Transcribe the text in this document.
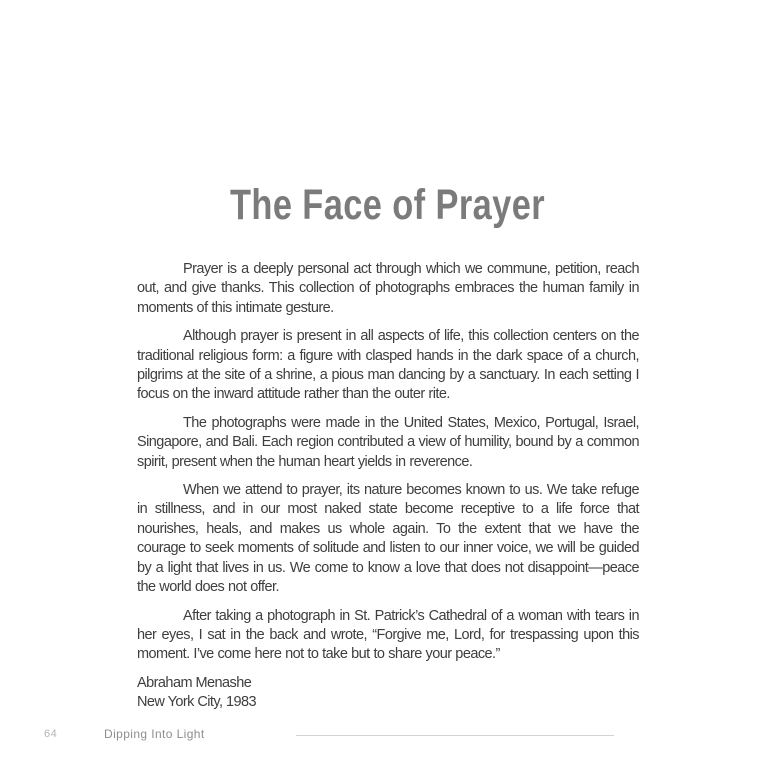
The Face of Prayer

Prayer is a deeply personal act through which we commune, petition, reach out, and give thanks. This collection of photographs embraces the human family in moments of this intimate gesture.

Although prayer is present in all aspects of life, this collection centers on the traditional religious form: a figure with clasped hands in the dark space of a church, pilgrims at the site of a shrine, a pious man dancing by a sanctuary. In each setting I focus on the inward attitude rather than the outer rite.

The photographs were made in the United States, Mexico, Portugal, Israel, Singapore, and Bali. Each region contributed a view of humility, bound by a common spirit, present when the human heart yields in reverence.

When we attend to prayer, its nature becomes known to us. We take refuge in stillness, and in our most naked state become receptive to a life force that nourishes, heals, and makes us whole again. To the extent that we have the courage to seek moments of solitude and listen to our inner voice, we will be guided by a light that lives in us. We come to know a love that does not disappoint—peace the world does not offer.

After taking a photograph in St. Patrick’s Cathedral of a woman with tears in her eyes, I sat in the back and wrote, “Forgive me, Lord, for trespassing upon this moment. I’ve come here not to take but to share your peace.”

Abraham Menashe
New York City, 1983
64	Dipping Into Light
